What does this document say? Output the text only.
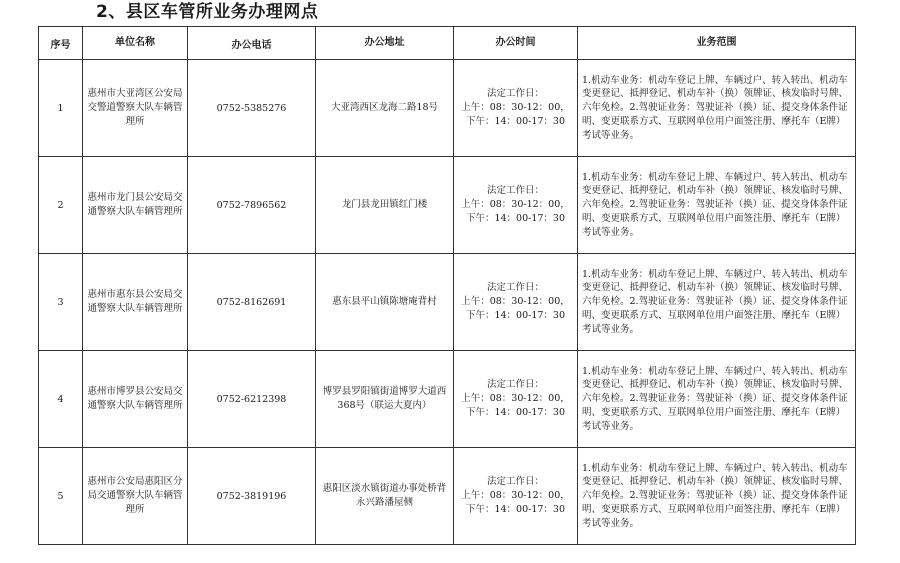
2、县区车管所业务办理网点
序号	单位名称	办公电话	办公地址	办公时间	业务范围
1	惠州市大亚湾区公安局交警道警察大队车辆管理所	0752-5385276	大亚湾西区龙海二路18号	法定工作日：
上午：08：30-12：00，
下午：14：00-17：30	1.机动车业务：机动车登记上牌、车辆过户、转入转出、机动车变更登记、抵押登记、机动车补（换）领牌证、核发临时号牌、六年免检。2.驾驶证业务：驾驶证补（换）证、提交身体条件证明、变更联系方式、互联网单位用户面签注册、摩托车（E牌）考试等业务。
2	惠州市龙门县公安局交通警察大队车辆管理所	0752-7896562	龙门县龙田镇红门楼	法定工作日：
上午：08：30-12：00，
下午：14：00-17：30	1.机动车业务：机动车登记上牌、车辆过户、转入转出、机动车变更登记、抵押登记、机动车补（换）领牌证、核发临时号牌、六年免检。2.驾驶证业务：驾驶证补（换）证、提交身体条件证明、变更联系方式、互联网单位用户面签注册、摩托车（E牌）考试等业务。
3	惠州市惠东县公安局交通警察大队车辆管理所	0752-8162691	惠东县平山镇陈塘庵背村	法定工作日：
上午：08：30-12：00，
下午：14：00-17：30	1.机动车业务：机动车登记上牌、车辆过户、转入转出、机动车变更登记、抵押登记、机动车补（换）领牌证、核发临时号牌、六年免检。2.驾驶证业务：驾驶证补（换）证、提交身体条件证明、变更联系方式、互联网单位用户面签注册、摩托车（E牌）考试等业务。
4	惠州市博罗县公安局交通警察大队车辆管理所	0752-6212398	博罗县罗阳镇街道博罗大道西368号（联运大夏内）	法定工作日：
上午：08：30-12：00，
下午：14：00-17：30	1.机动车业务：机动车登记上牌、车辆过户、转入转出、机动车变更登记、抵押登记、机动车补（换）领牌证、核发临时号牌、六年免检。2.驾驶证业务：驾驶证补（换）证、提交身体条件证明、变更联系方式、互联网单位用户面签注册、摩托车（E牌）考试等业务。
5	惠州市公安局惠阳区分局交通警察大队车辆管理所	0752-3819196	惠阳区淡水镇街道办事处桥背永兴路潘屋侧	法定工作日：
上午：08：30-12：00，
下午：14：00-17：30	1.机动车业务：机动车登记上牌、车辆过户、转入转出、机动车变更登记、抵押登记、机动车补（换）领牌证、核发临时号牌、六年免检。2.驾驶证业务：驾驶证补（换）证、提交身体条件证明、变更联系方式、互联网单位用户面签注册、摩托车（E牌）考试等业务。
